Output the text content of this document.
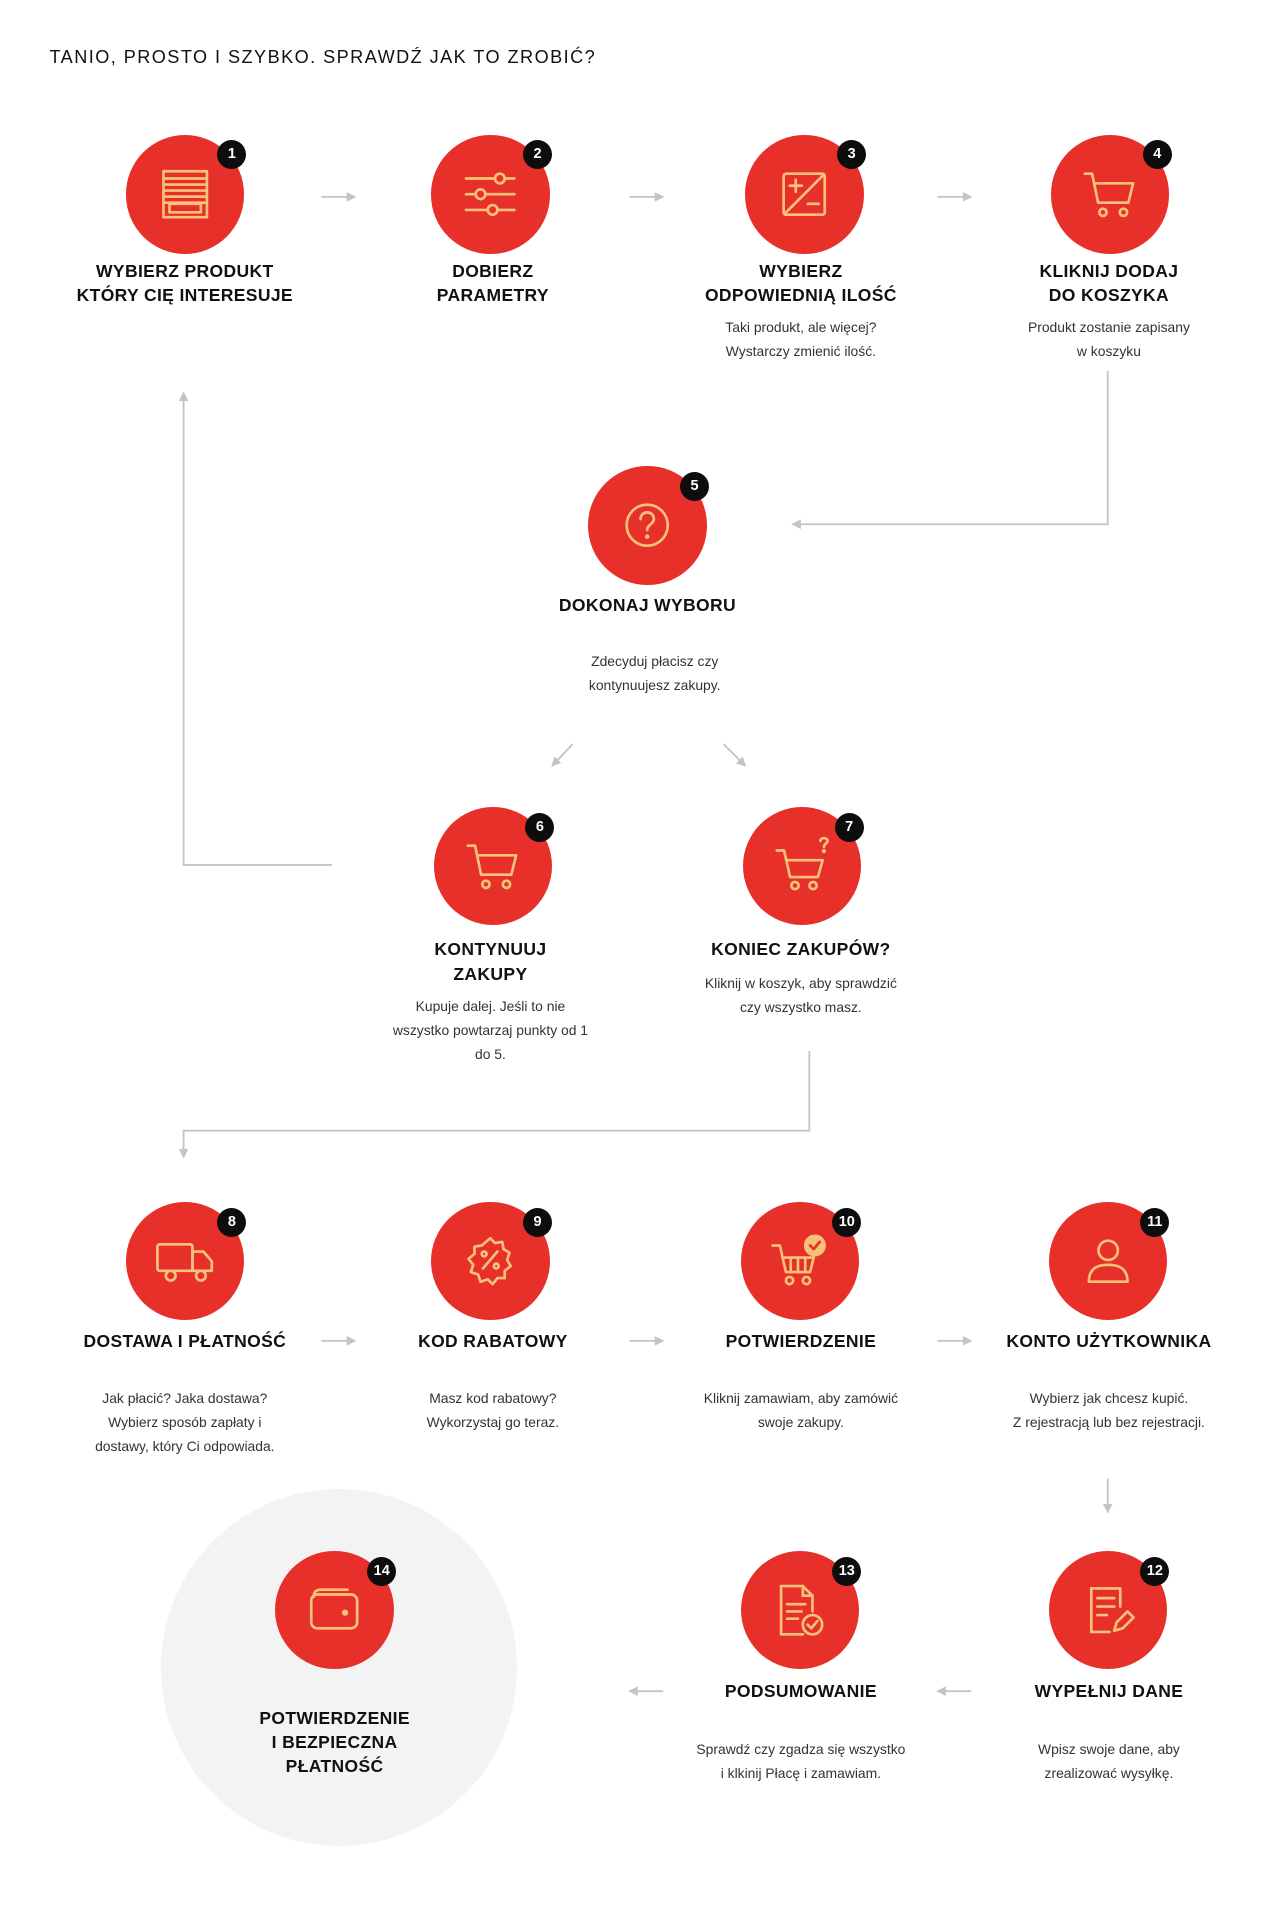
TANIO, PROSTO I SZYBKO. SPRAWDŹ JAK TO ZROBIĆ?
1
WYBIERZ PRODUKT
KTÓRY CIĘ INTERESUJE
2
DOBIERZ
PARAMETRY
3
WYBIERZ
ODPOWIEDNIĄ ILOŚĆ
Taki produkt, ale więcej?
Wystarczy zmienić ilość.
4
KLIKNIJ DODAJ
DO KOSZYKA
Produkt zostanie zapisany
w koszyku
5
DOKONAJ WYBORU
Zdecyduj płacisz czy
kontynuujesz zakupy.
6
KONTYNUUJ
ZAKUPY
Kupuje dalej. Jeśli to nie
wszystko powtarzaj punkty od 1
do 5.
7
KONIEC ZAKUPÓW?
Kliknij w koszyk, aby sprawdzić
czy wszystko masz.
8
DOSTAWA I PŁATNOŚĆ
Jak płacić? Jaka dostawa?
Wybierz sposób zapłaty i
dostawy, który Ci odpowiada.
9
KOD RABATOWY
Masz kod rabatowy?
Wykorzystaj go teraz.
10
POTWIERDZENIE
Kliknij zamawiam, aby zamówić
swoje zakupy.
11
KONTO UŻYTKOWNIKA
Wybierz jak chcesz kupić.
Z rejestracją lub bez rejestracji.
12
WYPEŁNIJ DANE
Wpisz swoje dane, aby
zrealizować wysyłkę.
13
PODSUMOWANIE
Sprawdź czy zgadza się wszystko
i klkinij Płacę i zamawiam.
14
POTWIERDZENIE
I BEZPIECZNA
PŁATNOŚĆ
